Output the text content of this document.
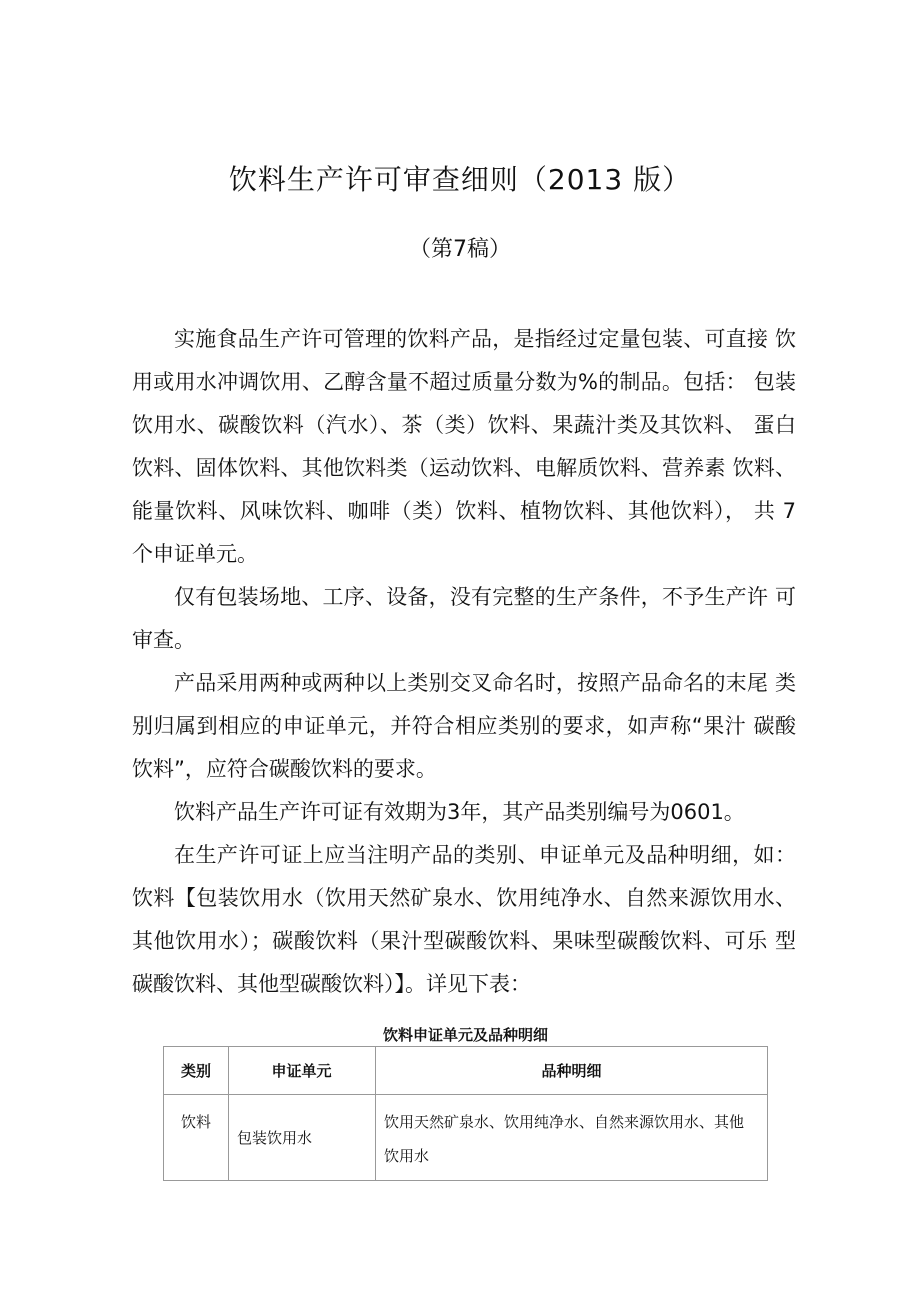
饮料生产许可审查细则（2013 版）
（第7稿）

实施食品生产许可管理的饮料产品，是指经过定量包装、可直接 饮用或用水冲调饮用、乙醇含量不超过质量分数为%的制品。包括： 包装饮用水、碳酸饮料（汽水）、茶（类）饮料、果蔬汁类及其饮料、 蛋白饮料、固体饮料、其他饮料类（运动饮料、电解质饮料、营养素 饮料、能量饮料、风味饮料、咖啡（类）饮料、植物饮料、其他饮料）， 共 7个申证单元。

仅有包装场地、工序、设备，没有完整的生产条件，不予生产许 可审查。

产品采用两种或两种以上类别交叉命名时，按照产品命名的末尾 类别归属到相应的申证单元，并符合相应类别的要求，如声称“果汁 碳酸饮料”，应符合碳酸饮料的要求。

饮料产品生产许可证有效期为3年，其产品类别编号为0601。

在生产许可证上应当注明产品的类别、申证单元及品种明细，如： 饮料【包装饮用水（饮用天然矿泉水、饮用纯净水、自然来源饮用水、 其他饮用水）；碳酸饮料（果汁型碳酸饮料、果味型碳酸饮料、可乐 型碳酸饮料、其他型碳酸饮料）】。详见下表：

饮料申证单元及品种明细
类别	申证单元	品种明细
饮料	包装饮用水	饮用天然矿泉水、饮用纯净水、自然来源饮用水、其他饮用水
